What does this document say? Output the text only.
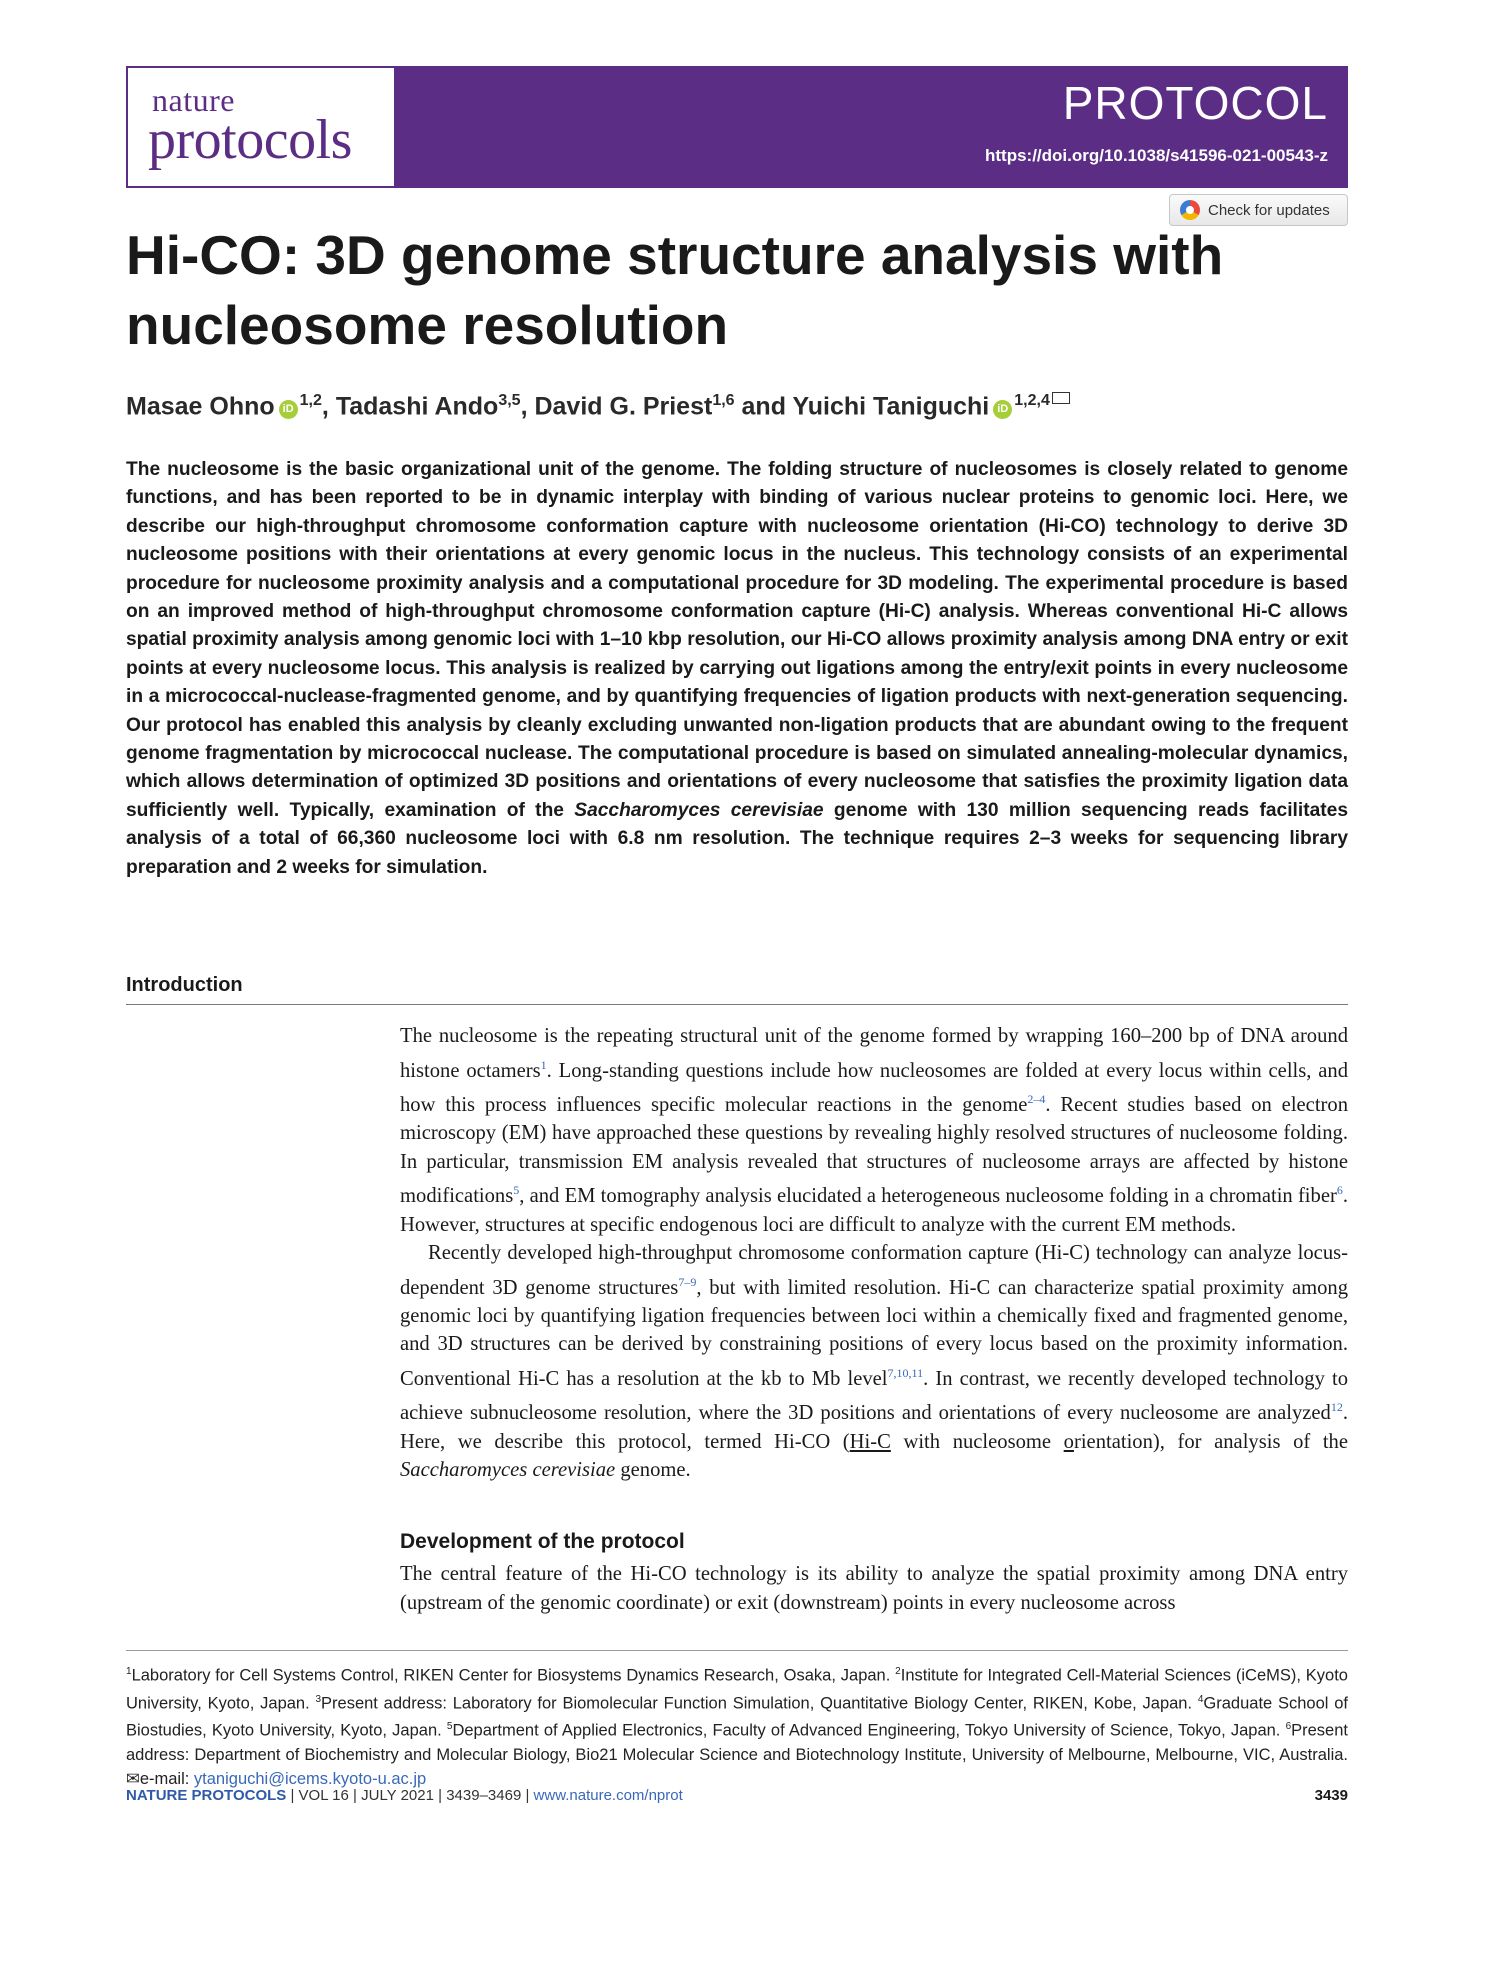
PROTOCOL
https://doi.org/10.1038/s41596-021-00543-z
nature
protocols
Check for updates
Hi-CO: 3D genome structure analysis with nucleosome resolution
Masae Ohno iD$^{1,2}$, Tadashi Ando$^{3,5}$, David G. Priest$^{1,6}$ and Yuichi Taniguchi iD$^{1,2,4}$

The nucleosome is the basic organizational unit of the genome. The folding structure of nucleosomes is closely related to genome functions, and has been reported to be in dynamic interplay with binding of various nuclear proteins to genomic loci. Here, we describe our high-throughput chromosome conformation capture with nucleosome orientation (Hi-CO) technology to derive 3D nucleosome positions with their orientations at every genomic locus in the nucleus. This technology consists of an experimental procedure for nucleosome proximity analysis and a computational procedure for 3D modeling. The experimental procedure is based on an improved method of high-throughput chromosome conformation capture (Hi-C) analysis. Whereas conventional Hi-C allows spatial proximity analysis among genomic loci with 1–10 kbp resolution, our Hi-CO allows proximity analysis among DNA entry or exit points at every nucleosome locus. This analysis is realized by carrying out ligations among the entry/exit points in every nucleosome in a micrococcal-nuclease-fragmented genome, and by quantifying frequencies of ligation products with next-generation sequencing. Our protocol has enabled this analysis by cleanly excluding unwanted non-ligation products that are abundant owing to the frequent genome fragmentation by micrococcal nuclease. The computational procedure is based on simulated annealing-molecular dynamics, which allows determination of optimized 3D positions and orientations of every nucleosome that satisfies the proximity ligation data sufficiently well. Typically, examination of the Saccharomyces cerevisiae genome with 130 million sequencing reads facilitates analysis of a total of 66,360 nucleosome loci with 6.8 nm resolution. The technique requires 2–3 weeks for sequencing library preparation and 2 weeks for simulation.

Introduction

The nucleosome is the repeating structural unit of the genome formed by wrapping 160–200 bp of DNA around histone octamers$^1$. Long-standing questions include how nucleosomes are folded at every locus within cells, and how this process influences specific molecular reactions in the genome$^{2-4}$. Recent studies based on electron microscopy (EM) have approached these questions by revealing highly resolved structures of nucleosome folding. In particular, transmission EM analysis revealed that structures of nucleosome arrays are affected by histone modifications$^5$, and EM tomography analysis elucidated a heterogeneous nucleosome folding in a chromatin fiber$^6$. However, structures at specific endogenous loci are difficult to analyze with the current EM methods.

Recently developed high-throughput chromosome conformation capture (Hi-C) technology can analyze locus-dependent 3D genome structures$^{7-9}$, but with limited resolution. Hi-C can characterize spatial proximity among genomic loci by quantifying ligation frequencies between loci within a chemically fixed and fragmented genome, and 3D structures can be derived by constraining positions of every locus based on the proximity information. Conventional Hi-C has a resolution at the kb to Mb level$^{7,10,11}$. In contrast, we recently developed technology to achieve subnucleosome resolution, where the 3D positions and orientations of every nucleosome are analyzed$^{12}$. Here, we describe this protocol, termed Hi-CO (Hi-C with nucleosome orientation), for analysis of the Saccharomyces cerevisiae genome.

Development of the protocol

The central feature of the Hi-CO technology is its ability to analyze the spatial proximity among DNA entry (upstream of the genomic coordinate) or exit (downstream) points in every nucleosome across

$^1$Laboratory for Cell Systems Control, RIKEN Center for Biosystems Dynamics Research, Osaka, Japan. $^2$Institute for Integrated Cell-Material Sciences (iCeMS), Kyoto University, Kyoto, Japan. $^3$Present address: Laboratory for Biomolecular Function Simulation, Quantitative Biology Center, RIKEN, Kobe, Japan. $^4$Graduate School of Biostudies, Kyoto University, Kyoto, Japan. $^5$Department of Applied Electronics, Faculty of Advanced Engineering, Tokyo University of Science, Tokyo, Japan. $^6$Present address: Department of Biochemistry and Molecular Biology, Bio21 Molecular Science and Biotechnology Institute, University of Melbourne, Melbourne, VIC, Australia. ✉e-mail: ytaniguchi@icems.kyoto-u.ac.jp

NATURE PROTOCOLS | VOL 16 | JULY 2021 | 3439–3469 | www.nature.com/nprot	3439
